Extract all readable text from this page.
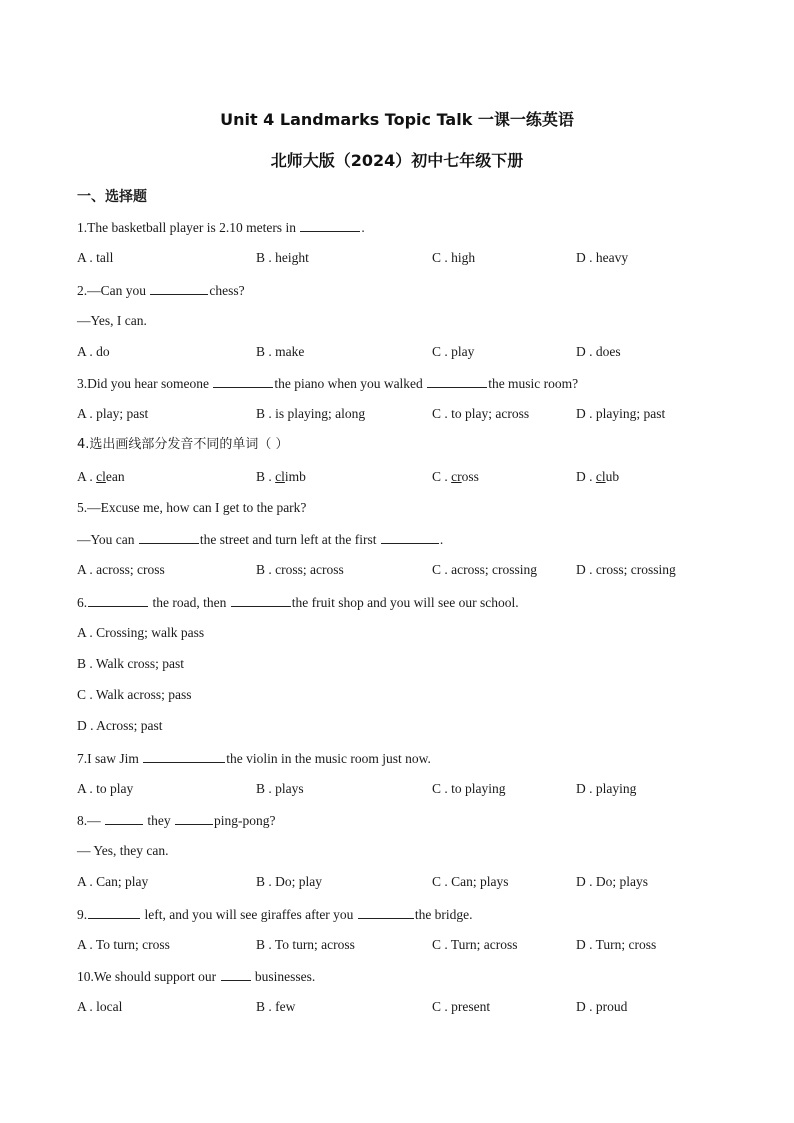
Unit 4 Landmarks Topic Talk 一课一练英语
北师大版（2024）初中七年级下册
一、选择题
1.The basketball player is 2.10 meters in	.
A . tall	B . height	C . high	D . heavy
2.—Can you	chess?
—Yes, I can.
A . do	B . make	C . play	D . does
3.Did you hear someone	the piano when you walked	the music room?
A . play; past	B . is playing; along	C . to play; across	D . playing; past
4.选出画线部分发音不同的单词（ ）
A . clean	B . climb	C . cross	D . club
5.—Excuse me, how can I get to the park?
—You can	the street and turn left at the first	.
A . across; cross	B . cross; across	C . across; crossing	D . cross; crossing
6.	the road, then	the fruit shop and you will see our school.
A . Crossing; walk pass
B . Walk cross; past
C . Walk across; pass
D . Across; past
7.I saw Jim	the violin in the music room just now.
A . to play	B . plays	C . to playing	D . playing
8.—	they	ping-pong?
— Yes, they can.
A . Can; play	B . Do; play	C . Can; plays	D . Do; plays
9.	left, and you will see giraffes after you	the bridge.
A . To turn; cross	B . To turn; across	C . Turn; across	D . Turn; cross
10.We should support our  businesses.
A . local	B . few	C . present	D . proud
